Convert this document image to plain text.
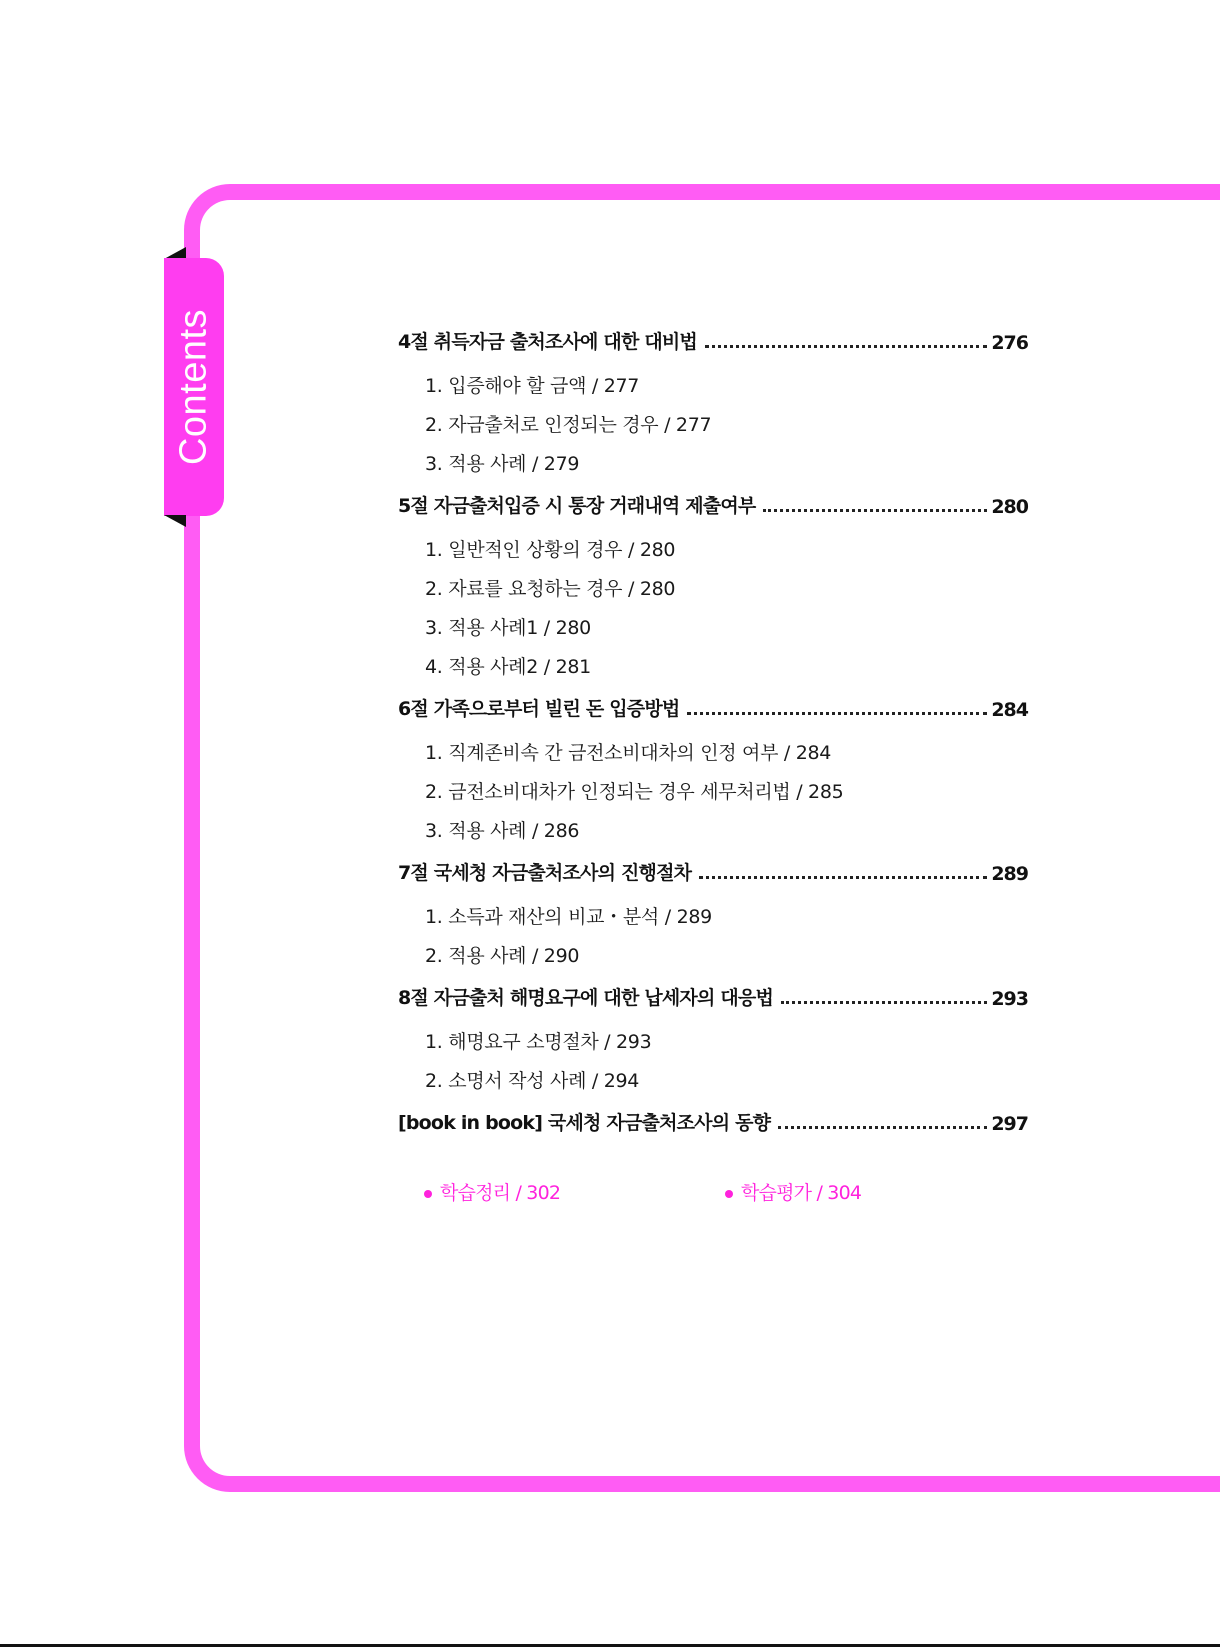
Contents	4절 취득자금 출처조사에 대한 대비법	276
1. 입증해야 할 금액 / 277
2. 자금출처로 인정되는 경우 / 277
3. 적용 사례 / 279
5절 자금출처입증 시 통장 거래내역 제출여부	280
1. 일반적인 상황의 경우 / 280
2. 자료를 요청하는 경우 / 280
3. 적용 사례1 / 280
4. 적용 사례2 / 281
6절 가족으로부터 빌린 돈 입증방법	284
1. 직계존비속 간 금전소비대차의 인정 여부 / 284
2. 금전소비대차가 인정되는 경우 세무처리법 / 285
3. 적용 사례 / 286
7절 국세청 자금출처조사의 진행절차	289
1. 소득과 재산의 비교・분석 / 289
2. 적용 사례 / 290
8절 자금출처 해명요구에 대한 납세자의 대응법	293
1. 해명요구 소명절차 / 293
2. 소명서 작성 사례 / 294
[book in book] 국세청 자금출처조사의 동향	297
학습정리 / 302	학습평가 / 304
